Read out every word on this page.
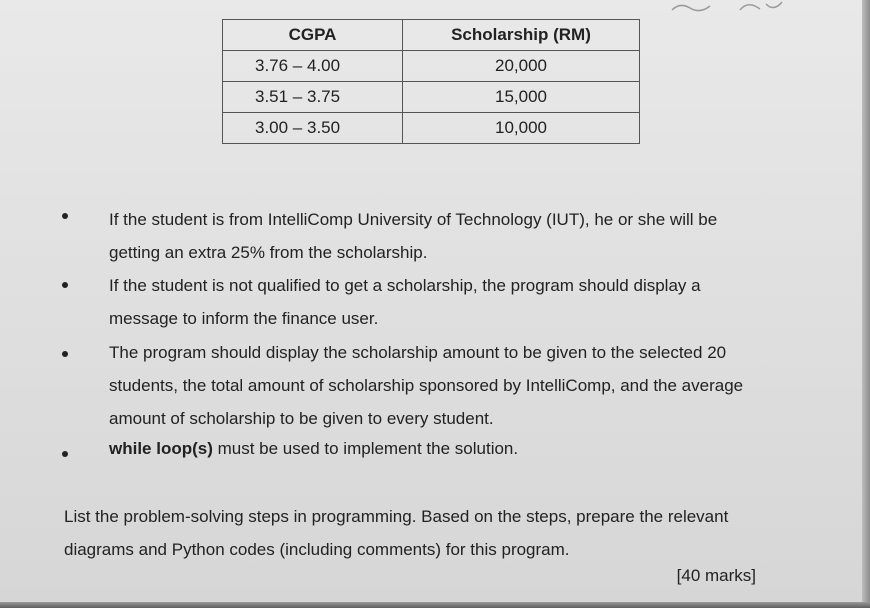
CGPA	Scholarship (RM)
3.76 – 4.00	20,000
3.51 – 3.75	15,000
3.00 – 3.50	10,000
If the student is from IntelliComp University of Technology (IUT), he or she will be getting an extra 25% from the scholarship.
If the student is not qualified to get a scholarship, the program should display a message to inform the finance user.
The program should display the scholarship amount to be given to the selected 20 students, the total amount of scholarship sponsored by IntelliComp, and the average amount of scholarship to be given to every student.
while loop(s) must be used to implement the solution.
List the problem-solving steps in programming. Based on the steps, prepare the relevant diagrams and Python codes (including comments) for this program.
[40 marks]
